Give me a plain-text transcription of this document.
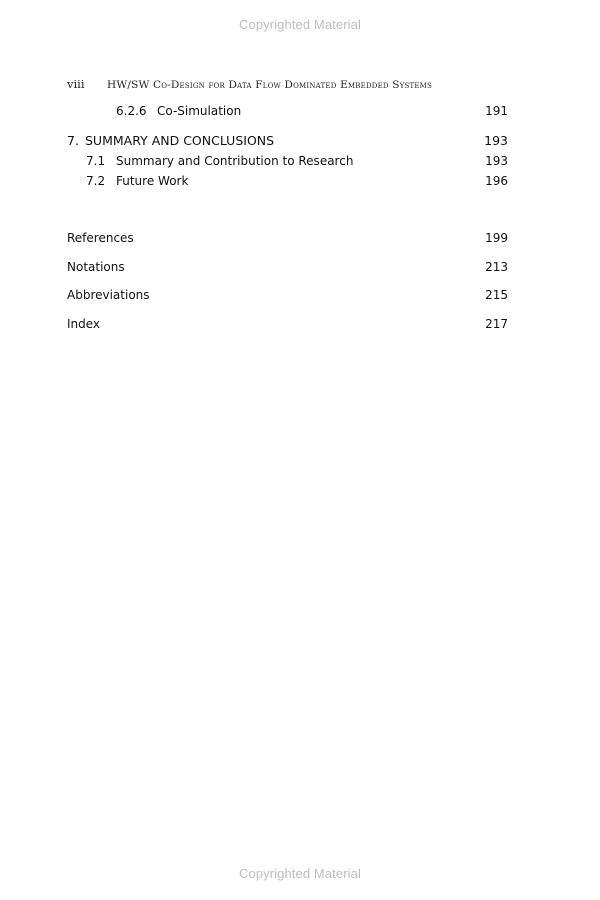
Copyrighted Material
viii HW/SW Co-Design for Data Flow Dominated Embedded Systems
6.2.6 Co-Simulation	191
7. SUMMARY AND CONCLUSIONS	193
7.1 Summary and Contribution to Research	193
7.2 Future Work	196
References	199
Notations	213
Abbreviations	215
Index	217
Copyrighted Material
